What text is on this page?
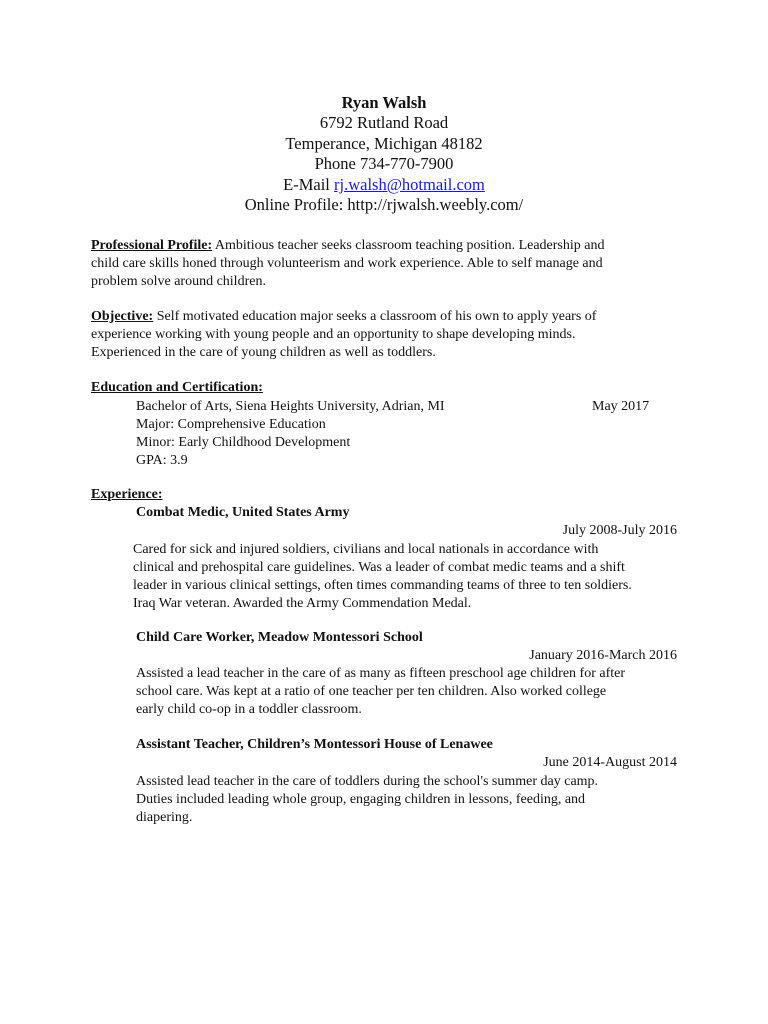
Ryan Walsh
6792 Rutland Road
Temperance, Michigan 48182
Phone 734-770-7900
E-Mail rj.walsh@hotmail.com
Online Profile: http://rjwalsh.weebly.com/
Professional Profile: Ambitious teacher seeks classroom teaching position. Leadership and
child care skills honed through volunteerism and work experience. Able to self manage and
problem solve around children.
Objective: Self motivated education major seeks a classroom of his own to apply years of
experience working with young people and an opportunity to shape developing minds.
Experienced in the care of young children as well as toddlers.
Education and Certification:
Bachelor of Arts, Siena Heights University, Adrian, MI
Major: Comprehensive Education
Minor: Early Childhood Development
GPA: 3.9
May 2017
Experience:
Combat Medic, United States Army
July 2008-July 2016
Cared for sick and injured soldiers, civilians and local nationals in accordance with
clinical and prehospital care guidelines. Was a leader of combat medic teams and a shift
leader in various clinical settings, often times commanding teams of three to ten soldiers.
Iraq War veteran. Awarded the Army Commendation Medal.
Child Care Worker, Meadow Montessori School
January 2016-March 2016
Assisted a lead teacher in the care of as many as fifteen preschool age children for after
school care. Was kept at a ratio of one teacher per ten children. Also worked college
early child co-op in a toddler classroom.
Assistant Teacher, Children’s Montessori House of Lenawee
June 2014-August 2014
Assisted lead teacher in the care of toddlers during the school's summer day camp.
Duties included leading whole group, engaging children in lessons, feeding, and
diapering.
